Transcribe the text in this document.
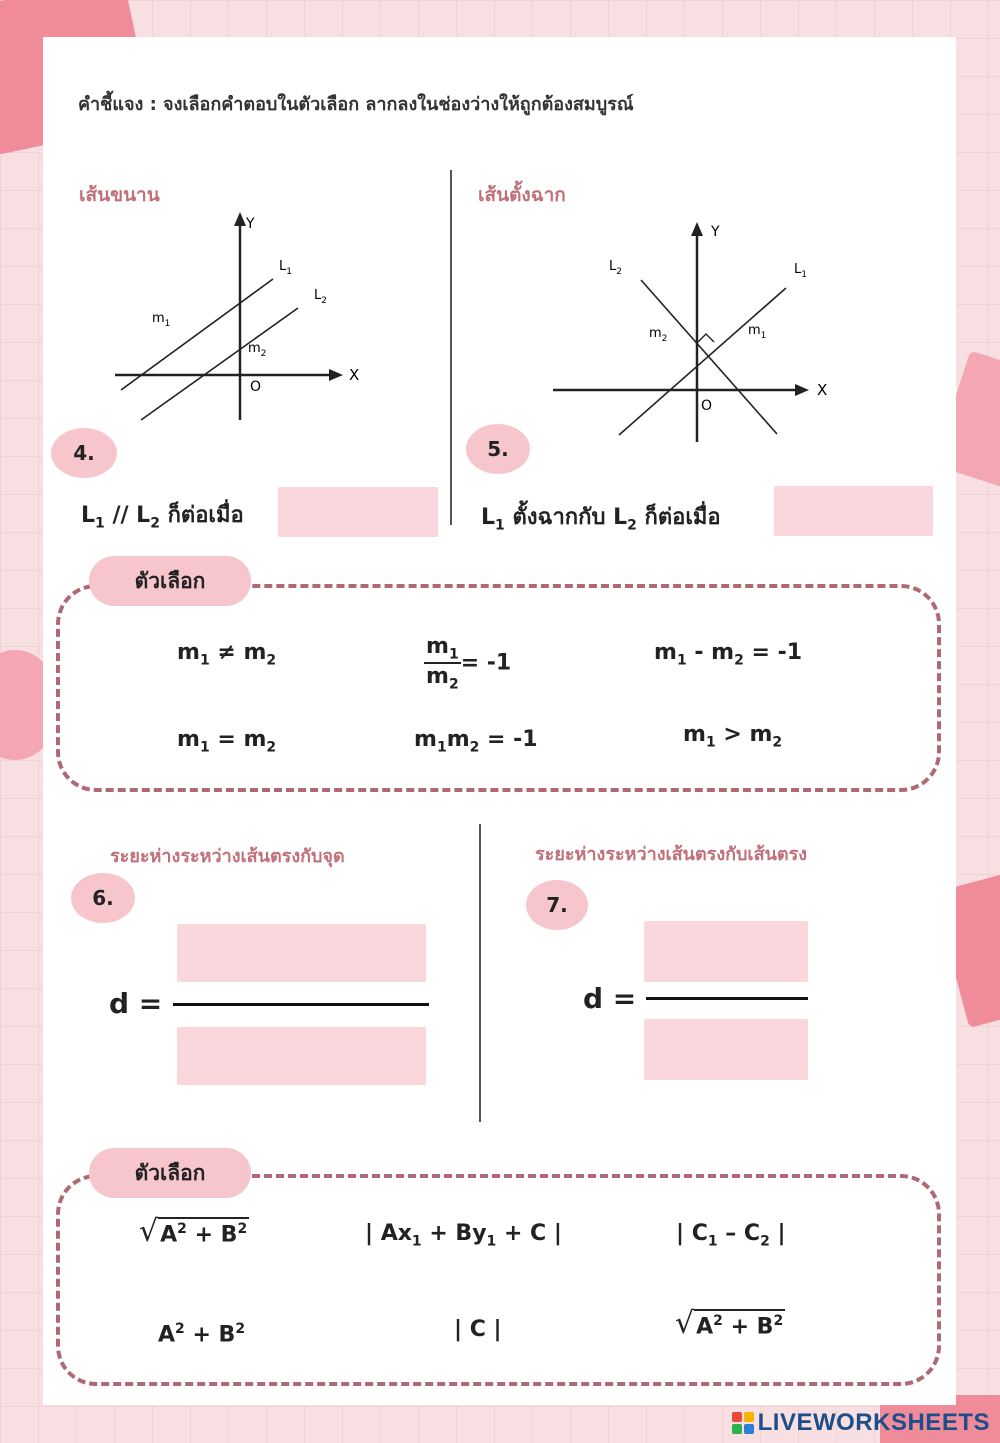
คำชี้แจง : จงเลือกคำตอบในตัวเลือก ลากลงในช่องว่างให้ถูกต้องสมบูรณ์
เส้นขนาน
Y
X
O
$L_1$
$L_2$
$m_1$
$m_2$
4.
$L_1 // L_2$ ก็ต่อเมื่อ
เส้นตั้งฉาก
Y
X
O
$L_1$
$L_2$
$m_1$
$m_2$
5.
$L_1$ ตั้งฉากกับ $L_2$ ก็ต่อเมื่อ
ตัวเลือก
$m_1 \ne m_2$	$\frac{m_1}{m_2} = -1$	$m_1 - m_2 = -1$
$m_1 = m_2$	$m_1m_2 = -1$	$m_1 > m_2$
ระยะห่างระหว่างเส้นตรงกับจุด
6.
d =
ระยะห่างระหว่างเส้นตรงกับเส้นตรง
7.
d =
ตัวเลือก
√ $A^2 + B^2$	| $Ax_1 + By_1 + C$ |	| $C_1 - C_2$ |
$A^2 + B^2$	| C |	√ $A^2 + B^2$
LIVEWORKSHEETS
